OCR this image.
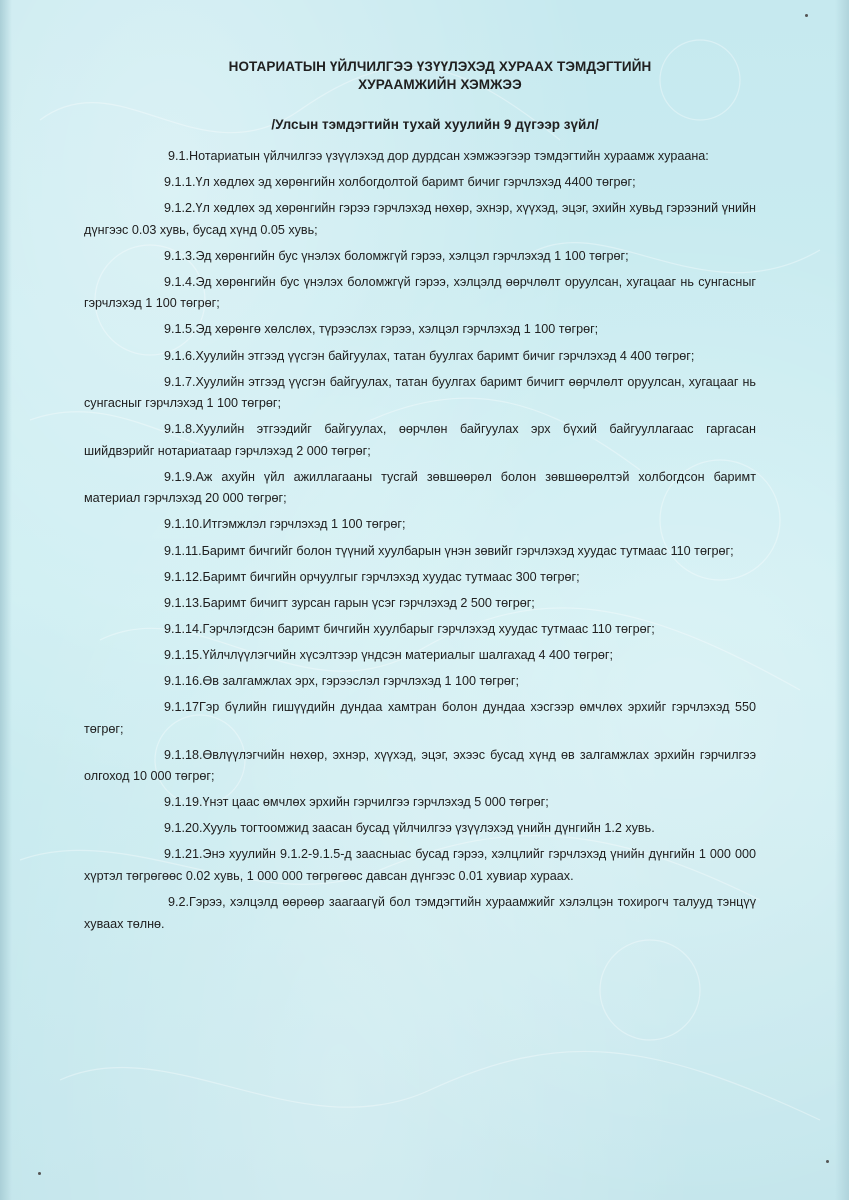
НОТАРИАТЫН ҮЙЛЧИЛГЭЭ ҮЗҮҮЛЭХЭД ХУРААХ ТЭМДЭГТИЙН
ХУРААМЖИЙН ХЭМЖЭЭ
/Улсын тэмдэгтийн тухай хуулийн 9 дүгээр зүйл/

9.1.Нотариатын үйлчилгээ үзүүлэхэд дор дурдсан хэмжээгээр тэмдэгтийн хураамж хураана:

9.1.1.Үл хөдлөх эд хөрөнгийн холбогдолтой баримт бичиг гэрчлэхэд 4400 төгрөг;

9.1.2.Үл хөдлөх эд хөрөнгийн гэрээ гэрчлэхэд нөхөр, эхнэр, хүүхэд, эцэг, эхийн хувьд гэрээний үнийн дүнгээс 0.03 хувь, бусад хүнд 0.05 хувь;

9.1.3.Эд хөрөнгийн бус үнэлэх боломжгүй гэрээ, хэлцэл гэрчлэхэд 1 100 төгрөг;

9.1.4.Эд хөрөнгийн бус үнэлэх боломжгүй гэрээ, хэлцэлд өөрчлөлт оруулсан, хугацааг нь сунгасныг гэрчлэхэд 1 100 төгрөг;

9.1.5.Эд хөрөнгө хөлслөх, түрээслэх гэрээ, хэлцэл гэрчлэхэд 1 100 төгрөг;

9.1.6.Хуулийн этгээд үүсгэн байгуулах, татан буулгах баримт бичиг гэрчлэхэд 4 400 төгрөг;

9.1.7.Хуулийн этгээд үүсгэн байгуулах, татан буулгах баримт бичигт өөрчлөлт оруулсан, хугацааг нь сунгасныг гэрчлэхэд 1 100 төгрөг;

9.1.8.Хуулийн этгээдийг байгуулах, өөрчлөн байгуулах эрх бүхий байгууллагаас гаргасан шийдвэрийг нотариатаар гэрчлэхэд 2 000 төгрөг;

9.1.9.Аж ахуйн үйл ажиллагааны тусгай зөвшөөрөл болон зөвшөөрөлтэй холбогдсон баримт материал гэрчлэхэд 20 000 төгрөг;

9.1.10.Итгэмжлэл гэрчлэхэд 1 100 төгрөг;

9.1.11.Баримт бичгийг болон түүний хуулбарын үнэн зөвийг гэрчлэхэд хуудас тутмаас 110 төгрөг;

9.1.12.Баримт бичгийн орчуулгыг гэрчлэхэд хуудас тутмаас 300 төгрөг;

9.1.13.Баримт бичигт зурсан гарын үсэг гэрчлэхэд 2 500 төгрөг;

9.1.14.Гэрчлэгдсэн баримт бичгийн хуулбарыг гэрчлэхэд хуудас тутмаас 110 төгрөг;

9.1.15.Үйлчлүүлэгчийн хүсэлтээр үндсэн материалыг шалгахад 4 400 төгрөг;

9.1.16.Өв залгамжлах эрх, гэрээслэл гэрчлэхэд 1 100 төгрөг;

9.1.17Гэр бүлийн гишүүдийн дундаа хамтран болон дундаа хэсгээр өмчлөх эрхийг гэрчлэхэд 550 төгрөг;

9.1.18.Өвлүүлэгчийн нөхөр, эхнэр, хүүхэд, эцэг, эхээс бусад хүнд өв залгамжлах эрхийн гэрчилгээ олгоход 10 000 төгрөг;

9.1.19.Үнэт цаас өмчлөх эрхийн гэрчилгээ гэрчлэхэд 5 000 төгрөг;

9.1.20.Хууль тогтоомжид заасан бусад үйлчилгээ үзүүлэхэд үнийн дүнгийн 1.2 хувь.

9.1.21.Энэ хуулийн 9.1.2-9.1.5-д заасныас бусад гэрээ, хэлцлийг гэрчлэхэд үнийн дүнгийн 1 000 000 хүртэл төгрөгөөс 0.02 хувь, 1 000 000 төгрөгөөс давсан дүнгээс 0.01 хувиар хураах.

9.2.Гэрээ, хэлцэлд өөрөөр заагаагүй бол тэмдэгтийн хураамжийг хэлэлцэн тохирогч талууд тэнцүү хуваах төлнө.
